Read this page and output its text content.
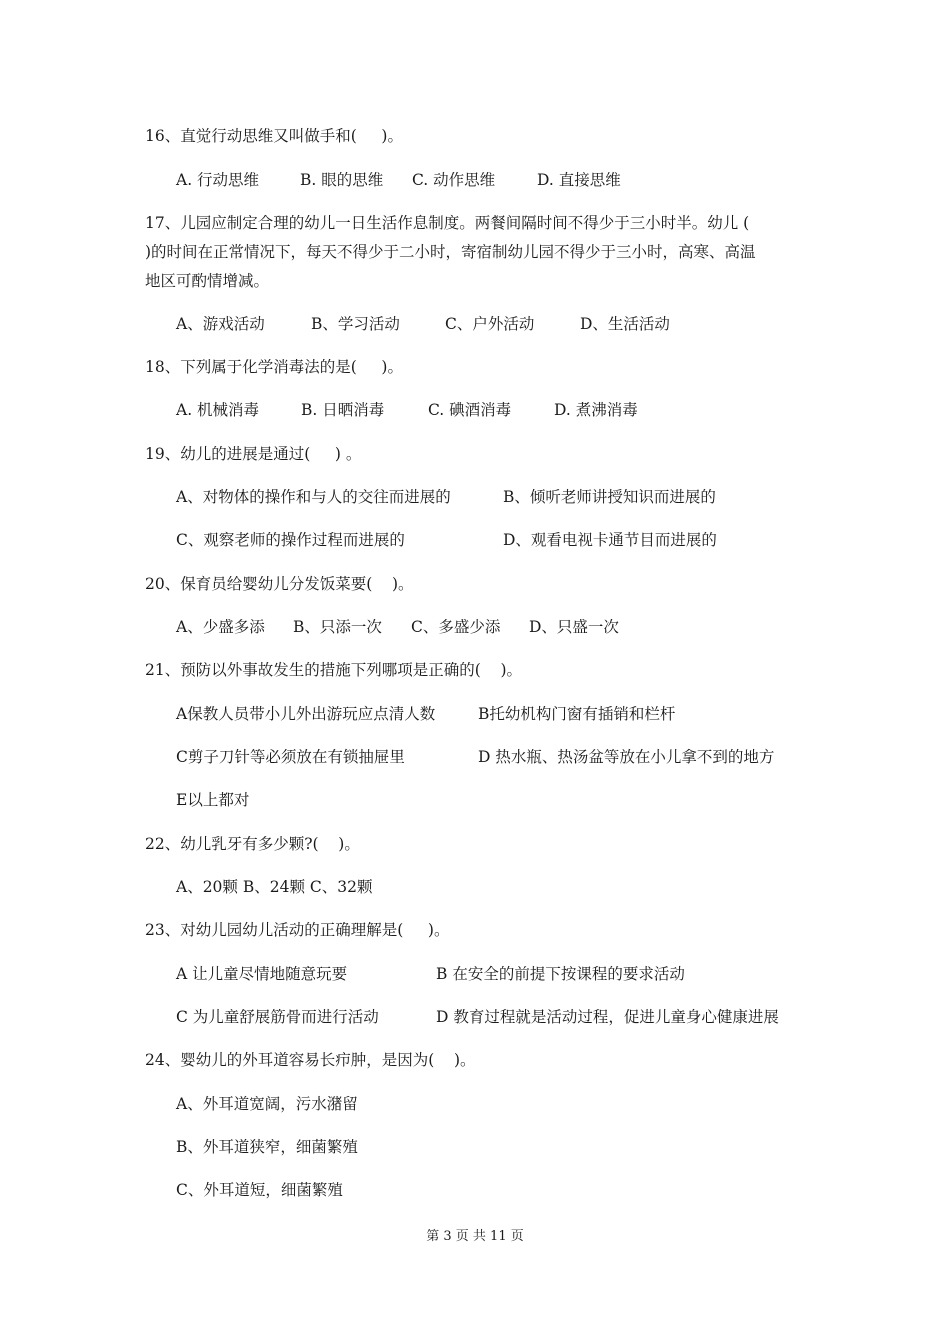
16、直觉行动思维又叫做手和(     )。
A. 行动思维	B. 眼的思维 C. 动作思维	D. 直接思维
17、儿园应制定合理的幼儿一日生活作息制度。两餐间隔时间不得少于三小时半。幼儿 (
)的时间在正常情况下，每天不得少于二小时，寄宿制幼儿园不得少于三小时，高寒、高温
地区可酌情增减。
A、游戏活动	B、学习活动	C、户外活动	D、生活活动
18、下列属于化学消毒法的是(     )。
A. 机械消毒	B. 日晒消毒	C. 碘酒消毒	D. 煮沸消毒
19、幼儿的进展是通过(     ) 。
A、对物体的操作和与人的交往而进展的	B、倾听老师讲授知识而进展的
C、观察老师的操作过程而进展的	D、观看电视卡通节目而进展的
20、保育员给婴幼儿分发饭菜要(    )。
A、少盛多添 B、只添一次 C、多盛少添 D、只盛一次
21、预防以外事故发生的措施下列哪项是正确的(    )。
A保教人员带小儿外出游玩应点清人数	B托幼机构门窗有插销和栏杆
C剪子刀针等必须放在有锁抽屉里	D 热水瓶、热汤盆等放在小儿拿不到的地方
E以上都对
22、幼儿乳牙有多少颗?(    )。
A、20颗 B、24颗 C、32颗
23、对幼儿园幼儿活动的正确理解是(     )。
A 让儿童尽情地随意玩要	B 在安全的前提下按课程的要求活动
C 为儿童舒展筋骨而进行活动	D 教育过程就是活动过程，促进儿童身心健康进展
24、婴幼儿的外耳道容易长疖肿，是因为(    )。
A、外耳道宽阔，污水潴留
B、外耳道狭窄，细菌繁殖
C、外耳道短，细菌繁殖
第 3 页 共 11 页
